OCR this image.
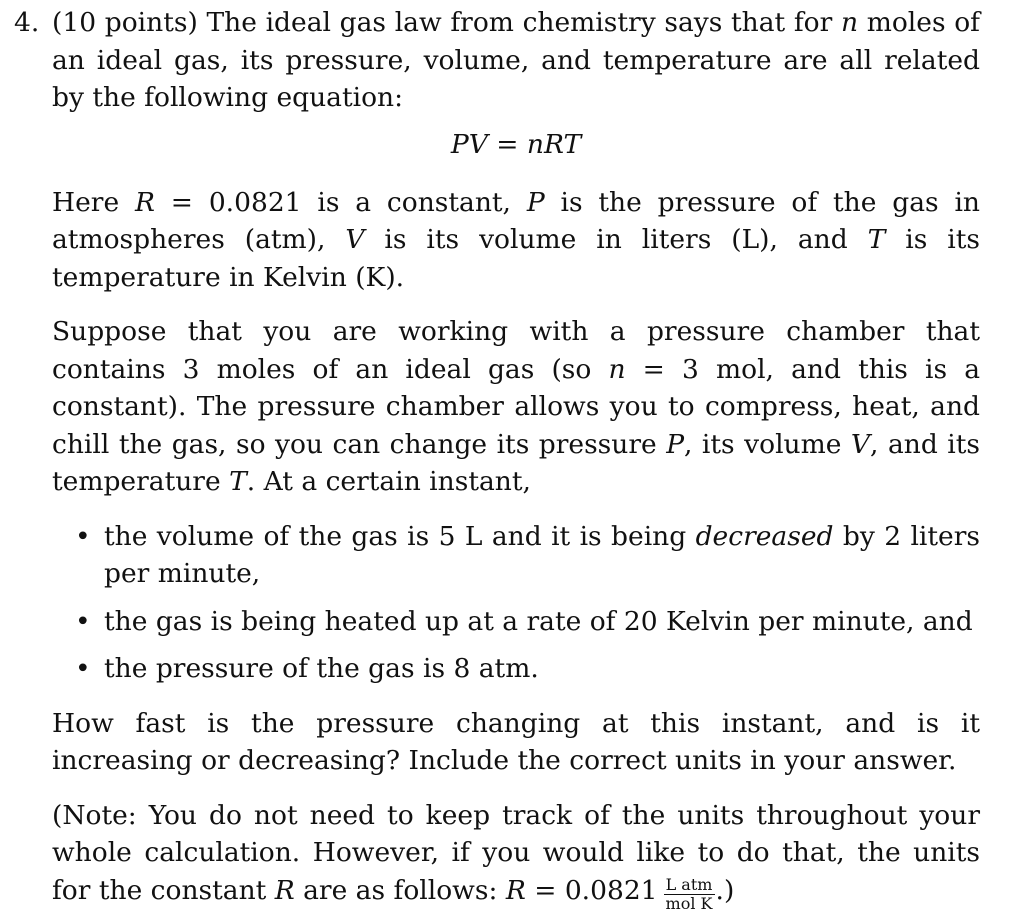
4. (10 points) The ideal gas law from chemistry says that for n moles of an ideal gas, its pressure, volume, and temperature are all related by the following equation:

PV = nRT

Here R = 0.0821 is a constant, P is the pressure of the gas in atmospheres (atm), V is its volume in liters (L), and T is its temperature in Kelvin (K).

Suppose that you are working with a pressure chamber that contains 3 moles of an ideal gas (so n = 3 mol, and this is a constant). The pressure chamber allows you to compress, heat, and chill the gas, so you can change its pressure P, its volume V, and its temperature T. At a certain instant,

• the volume of the gas is 5 L and it is being decreased by 2 liters per minute,
• the gas is being heated up at a rate of 20 Kelvin per minute, and
• the pressure of the gas is 8 atm.

How fast is the pressure changing at this instant, and is it increasing or decreasing? Include the correct units in your answer.

(Note: You do not need to keep track of the units throughout your whole calculation. However, if you would like to do that, the units for the constant R are as follows: $R = 0.0821 \frac{\text{L atm}}{\text{mol K}}$ .)
